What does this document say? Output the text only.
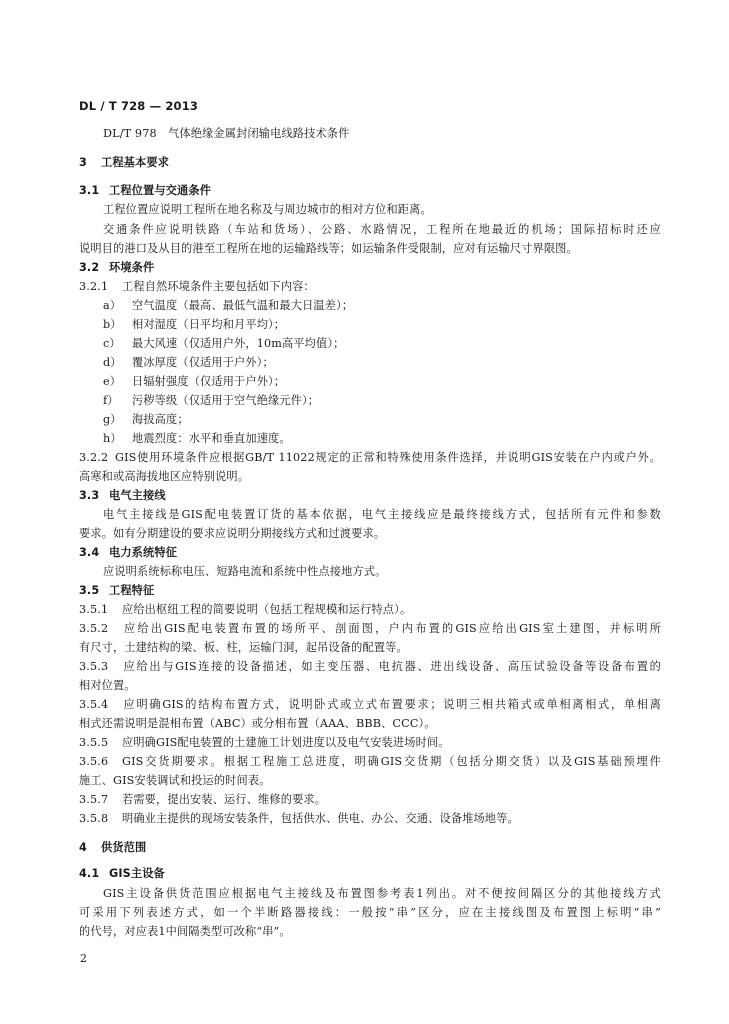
DL / T 728 — 2013
DL/T 978　气体绝缘金属封闭输电线路技术条件
3 工程基本要求
3.1 工程位置与交通条件
工程位置应说明工程所在地名称及与周边城市的相对方位和距离。
交通条件应说明铁路（车站和货场）、公路、水路情况，工程所在地最近的机场；国际招标时还应
说明目的港口及从目的港至工程所在地的运输路线等；如运输条件受限制，应对有运输尺寸界限图。
3.2 环境条件
3.2.1 工程自然环境条件主要包括如下内容：
a） 空气温度（最高、最低气温和最大日温差）；
b） 相对湿度（日平均和月平均）；
c） 最大风速（仅适用户外，10m高平均值）；
d） 覆冰厚度（仅适用于户外）；
e） 日辐射强度（仅适用于户外）；
f） 污秽等级（仅适用于空气绝缘元件）；
g） 海拔高度；
h） 地震烈度：水平和垂直加速度。
3.2.2 GIS使用环境条件应根据GB/T 11022规定的正常和特殊使用条件选择，并说明GIS安装在户内或户外。
高寒和或高海拔地区应特别说明。
3.3 电气主接线
电气主接线是GIS配电装置订货的基本依据，电气主接线应是最终接线方式，包括所有元件和参数
要求。如有分期建设的要求应说明分期接线方式和过渡要求。
3.4 电力系统特征
应说明系统标称电压、短路电流和系统中性点接地方式。
3.5 工程特征
3.5.1 应给出枢纽工程的简要说明（包括工程规模和运行特点）。
3.5.2 应给出GIS配电装置布置的场所平、剖面图，户内布置的GIS应给出GIS室土建图，并标明所
有尺寸，土建结构的梁、板、柱，运输门洞，起吊设备的配置等。
3.5.3 应给出与GIS连接的设备描述，如主变压器、电抗器、进出线设备、高压试验设备等设备布置的
相对位置。
3.5.4 应明确GIS的结构布置方式，说明卧式或立式布置要求；说明三相共箱式或单相离相式，单相离
相式还需说明是混相布置（ABC）或分相布置（AAA、BBB、CCC）。
3.5.5 应明确GIS配电装置的土建施工计划进度以及电气安装进场时间。
3.5.6 GIS交货期要求。根据工程施工总进度，明确GIS交货期（包括分期交货）以及GIS基础预埋件
施工、GIS安装调试和投运的时间表。
3.5.7 若需要，提出安装、运行、维修的要求。
3.5.8 明确业主提供的现场安装条件，包括供水、供电、办公、交通、设备堆场地等。
4 供货范围
4.1 GIS主设备
GIS主设备供货范围应根据电气主接线及布置图参考表1列出。对不便按间隔区分的其他接线方式
可采用下列表述方式，如一个半断路器接线：一般按“串”区分，应在主接线图及布置图上标明“串”
的代号，对应表1中间隔类型可改称“串”。
2
